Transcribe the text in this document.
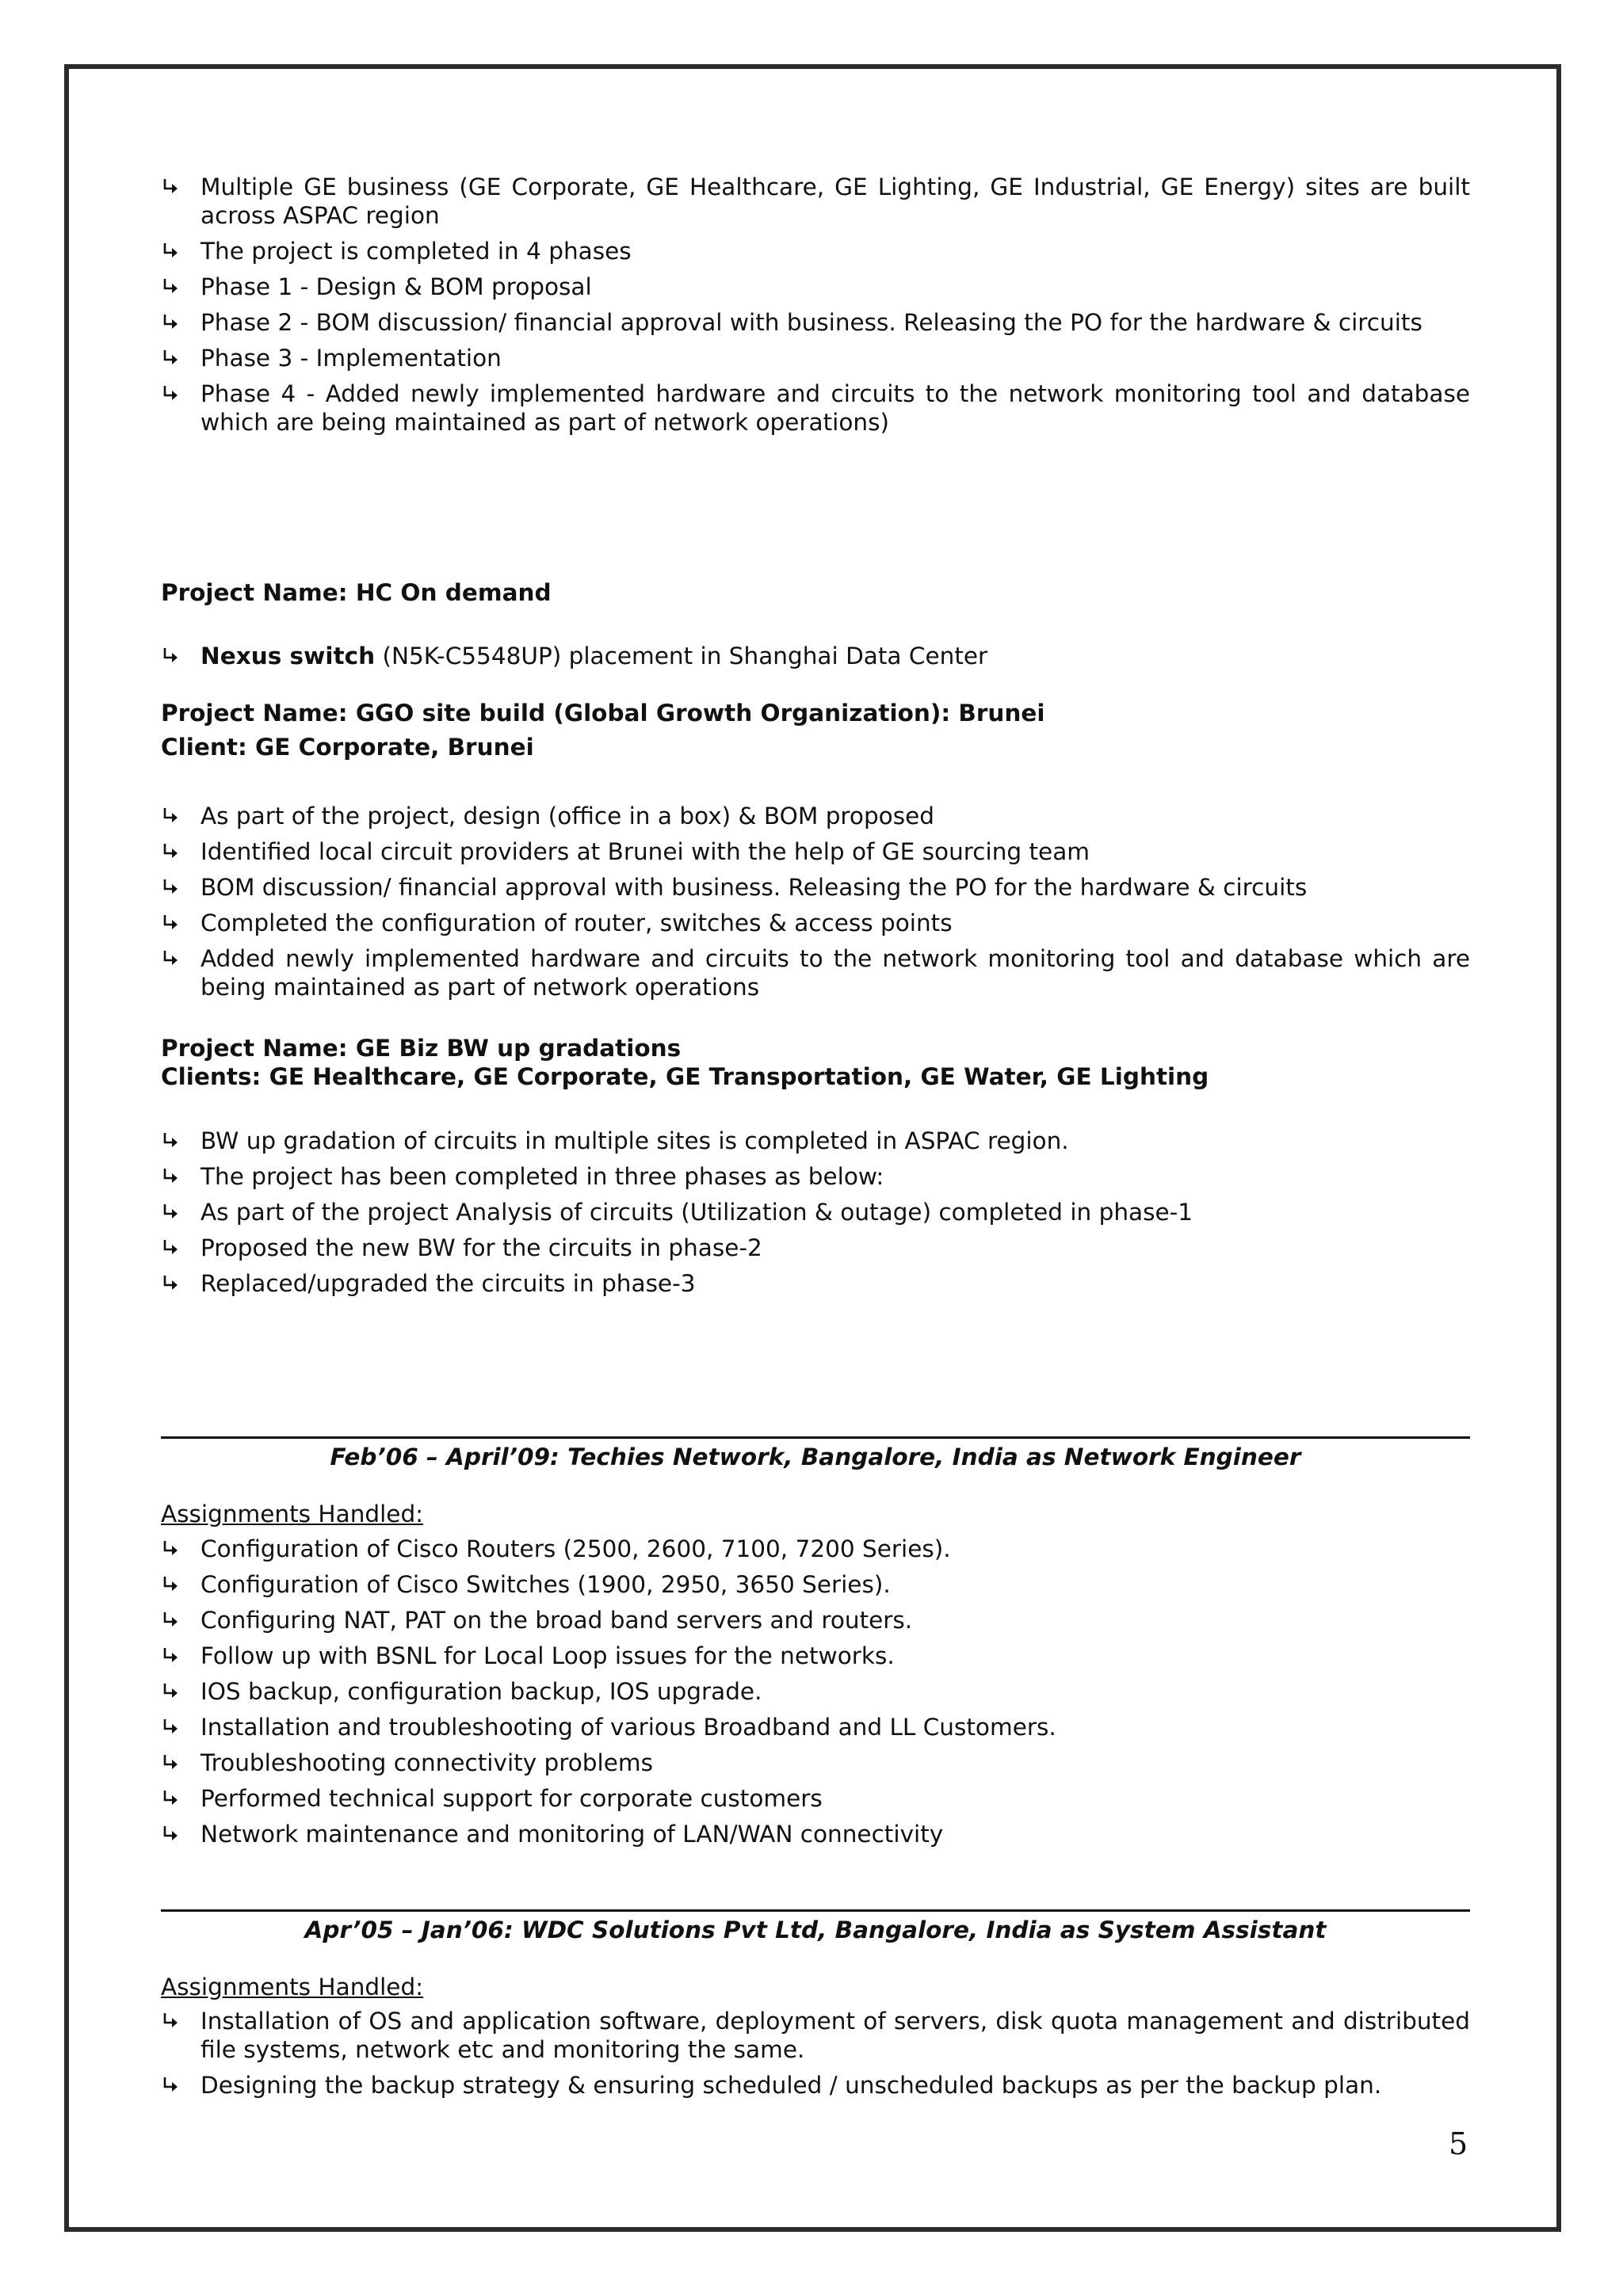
Multiple GE business (GE Corporate, GE Healthcare, GE Lighting, GE Industrial, GE Energy) sites are built across ASPAC region
The project is completed in 4 phases
Phase 1 - Design & BOM proposal
Phase 2 - BOM discussion/ financial approval with business. Releasing the PO for the hardware & circuits
Phase 3 - Implementation
Phase 4 - Added newly implemented hardware and circuits to the network monitoring tool and database which are being maintained as part of network operations)
Project Name: HC On demand
Nexus switch (N5K-C5548UP) placement in Shanghai Data Center
Project Name: GGO site build (Global Growth Organization): Brunei
Client: GE Corporate, Brunei
As part of the project, design (office in a box) & BOM proposed
Identified local circuit providers at Brunei with the help of GE sourcing team
BOM discussion/ financial approval with business. Releasing the PO for the hardware & circuits
Completed the configuration of router, switches & access points
Added newly implemented hardware and circuits to the network monitoring tool and database which are being maintained as part of network operations
Project Name: GE Biz BW up gradations
Clients: GE Healthcare, GE Corporate, GE Transportation, GE Water, GE Lighting
BW up gradation of circuits in multiple sites is completed in ASPAC region.
The project has been completed in three phases as below:
As part of the project Analysis of circuits (Utilization & outage) completed in phase-1
Proposed the new BW for the circuits in phase-2
Replaced/upgraded the circuits in phase-3
Feb’06 – April’09: Techies Network, Bangalore, India as Network Engineer
Assignments Handled:
Configuration of Cisco Routers (2500, 2600, 7100, 7200 Series).
Configuration of Cisco Switches (1900, 2950, 3650 Series).
Configuring NAT, PAT on the broad band servers and routers.
Follow up with BSNL for Local Loop issues for the networks.
IOS backup, configuration backup, IOS upgrade.
Installation and troubleshooting of various Broadband and LL Customers.
Troubleshooting connectivity problems
Performed technical support for corporate customers
Network maintenance and monitoring of LAN/WAN connectivity
Apr’05 – Jan’06: WDC Solutions Pvt Ltd, Bangalore, India as System Assistant
Assignments Handled:
Installation of OS and application software, deployment of servers, disk quota management and distributed file systems, network etc and monitoring the same.
Designing the backup strategy & ensuring scheduled / unscheduled backups as per the backup plan.
5
